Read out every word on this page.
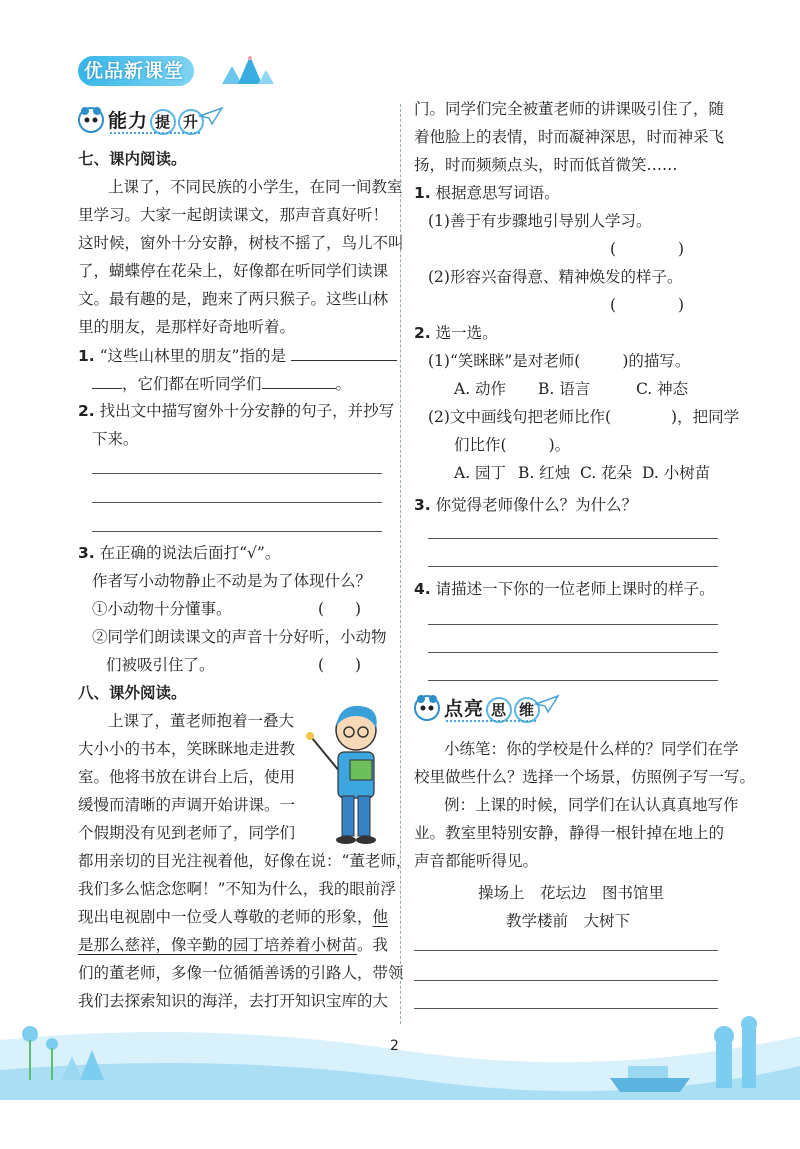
优品新课堂
能力 提 升
七、课内阅读。
上课了，不同民族的小学生，在同一间教室
里学习。大家一起朗读课文，那声音真好听！
这时候，窗外十分安静，树枝不摇了，鸟儿不叫
了，蝴蝶停在花朵上，好像都在听同学们读课
文。最有趣的是，跑来了两只猴子。这些山林
里的朋友，是那样好奇地听着。
1. “这些山林里的朋友”指的是
，它们都在听同学们	。
2. 找出文中描写窗外十分安静的句子，并抄写
下来。
3. 在正确的说法后面打“√”。
作者写小动物静止不动是为了体现什么？
①小动物十分懂事。	(　　)
②同学们朗读课文的声音十分好听，小动物
们被吸引住了。	(　　)
八、课外阅读。
上课了，董老师抱着一叠大
大小小的书本，笑眯眯地走进教
室。他将书放在讲台上后，使用
缓慢而清晰的声调开始讲课。一
个假期没有见到老师了，同学们
都用亲切的目光注视着他，好像在说：“董老师，
我们多么惦念您啊！”不知为什么，我的眼前浮
现出电视剧中一位受人尊敬的老师的形象，他
是那么慈祥，像辛勤的园丁培养着小树苗。我
们的董老师，多像一位循循善诱的引路人，带领
我们去探索知识的海洋，去打开知识宝库的大
门。同学们完全被董老师的讲课吸引住了，随
着他脸上的表情，时而凝神深思，时而神采飞
扬，时而频频点头，时而低首微笑……
1. 根据意思写词语。
(1)善于有步骤地引导别人学习。
(　　　　)
(2)形容兴奋得意、精神焕发的样子。
(　　　　)
2. 选一选。
(1)“笑眯眯”是对老师(	)的描写。
A. 动作 B. 语言	C. 神态
(2)文中画线句把老师比作(	)，把同学
们比作(	)。
A. 园丁 B. 红烛 C. 花朵 D. 小树苗
3. 你觉得老师像什么？为什么？
4. 请描述一下你的一位老师上课时的样子。
点亮 思 维
小练笔：你的学校是什么样的？同学们在学
校里做些什么？选择一个场景，仿照例子写一写。
例：上课的时候，同学们在认认真真地写作
业。教室里特别安静，静得一根针掉在地上的
声音都能听得见。
操场上　花坛边　图书馆里
教学楼前　大树下
2
